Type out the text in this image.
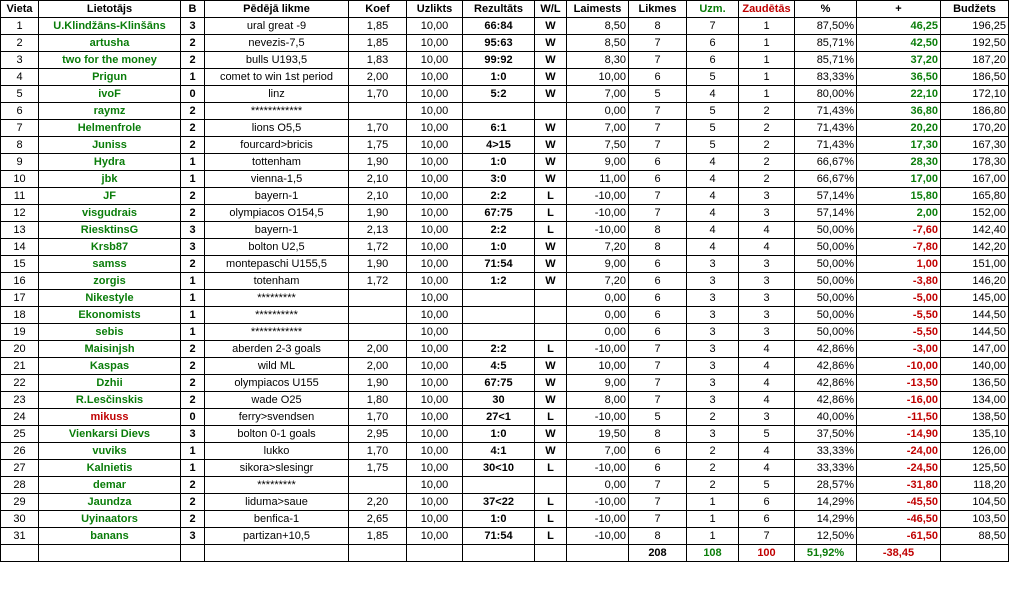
Vieta	Lietotājs	B	Pēdējā likme	Koef	Uzlikts	Rezultāts	W/L	Laimests	Likmes	Uzm.	Zaudētās	%	+	Budžets
1	U.Klindžāns-Klinšāns	3	ural great -9	1,85	10,00	66:84	W	8,50	8	7	1	87,50%	46,25	196,25
2	artusha	2	nevezis-7,5	1,85	10,00	95:63	W	8,50	7	6	1	85,71%	42,50	192,50
3	two for the money	2	bulls U193,5	1,83	10,00	99:92	W	8,30	7	6	1	85,71%	37,20	187,20
4	Prigun	1	comet to win 1st period	2,00	10,00	1:0	W	10,00	6	5	1	83,33%	36,50	186,50
5	ivoF	0	linz	1,70	10,00	5:2	W	7,00	5	4	1	80,00%	22,10	172,10
6	raymz	2	************		10,00			0,00	7	5	2	71,43%	36,80	186,80
7	Helmenfrole	2	lions O5,5	1,70	10,00	6:1	W	7,00	7	5	2	71,43%	20,20	170,20
8	Juniss	2	fourcard>bricis	1,75	10,00	4>15	W	7,50	7	5	2	71,43%	17,30	167,30
9	Hydra	1	tottenham	1,90	10,00	1:0	W	9,00	6	4	2	66,67%	28,30	178,30
10	jbk	1	vienna-1,5	2,10	10,00	3:0	W	11,00	6	4	2	66,67%	17,00	167,00
11	JF	2	bayern-1	2,10	10,00	2:2	L	-10,00	7	4	3	57,14%	15,80	165,80
12	visgudrais	2	olympiacos O154,5	1,90	10,00	67:75	L	-10,00	7	4	3	57,14%	2,00	152,00
13	RiesktinsG	3	bayern-1	2,13	10,00	2:2	L	-10,00	8	4	4	50,00%	-7,60	142,40
14	Krsb87	3	bolton U2,5	1,72	10,00	1:0	W	7,20	8	4	4	50,00%	-7,80	142,20
15	samss	2	montepaschi U155,5	1,90	10,00	71:54	W	9,00	6	3	3	50,00%	1,00	151,00
16	zorgis	1	totenham	1,72	10,00	1:2	W	7,20	6	3	3	50,00%	-3,80	146,20
17	Nikestyle	1	*********		10,00			0,00	6	3	3	50,00%	-5,00	145,00
18	Ekonomists	1	**********		10,00			0,00	6	3	3	50,00%	-5,50	144,50
19	sebis	1	************		10,00			0,00	6	3	3	50,00%	-5,50	144,50
20	Maisinjsh	2	aberden 2-3 goals	2,00	10,00	2:2	L	-10,00	7	3	4	42,86%	-3,00	147,00
21	Kaspas	2	wild ML	2,00	10,00	4:5	W	10,00	7	3	4	42,86%	-10,00	140,00
22	Dzhii	2	olympiacos U155	1,90	10,00	67:75	W	9,00	7	3	4	42,86%	-13,50	136,50
23	R.Lesčinskis	2	wade O25	1,80	10,00	30	W	8,00	7	3	4	42,86%	-16,00	134,00
24	mikuss	0	ferry>svendsen	1,70	10,00	27<1	L	-10,00	5	2	3	40,00%	-11,50	138,50
25	Vienkarsi Dievs	3	bolton 0-1 goals	2,95	10,00	1:0	W	19,50	8	3	5	37,50%	-14,90	135,10
26	vuviks	1	lukko	1,70	10,00	4:1	W	7,00	6	2	4	33,33%	-24,00	126,00
27	Kalnietis	1	sikora>slesingr	1,75	10,00	30<10	L	-10,00	6	2	4	33,33%	-24,50	125,50
28	demar	2	*********		10,00			0,00	7	2	5	28,57%	-31,80	118,20
29	Jaundza	2	liduma>saue	2,20	10,00	37<22	L	-10,00	7	1	6	14,29%	-45,50	104,50
30	Uyinaators	2	benfica-1	2,65	10,00	1:0	L	-10,00	7	1	6	14,29%	-46,50	103,50
31	banans	3	partizan+10,5	1,85	10,00	71:54	L	-10,00	8	1	7	12,50%	-61,50	88,50
									208	108	100	51,92%	-38,45	
